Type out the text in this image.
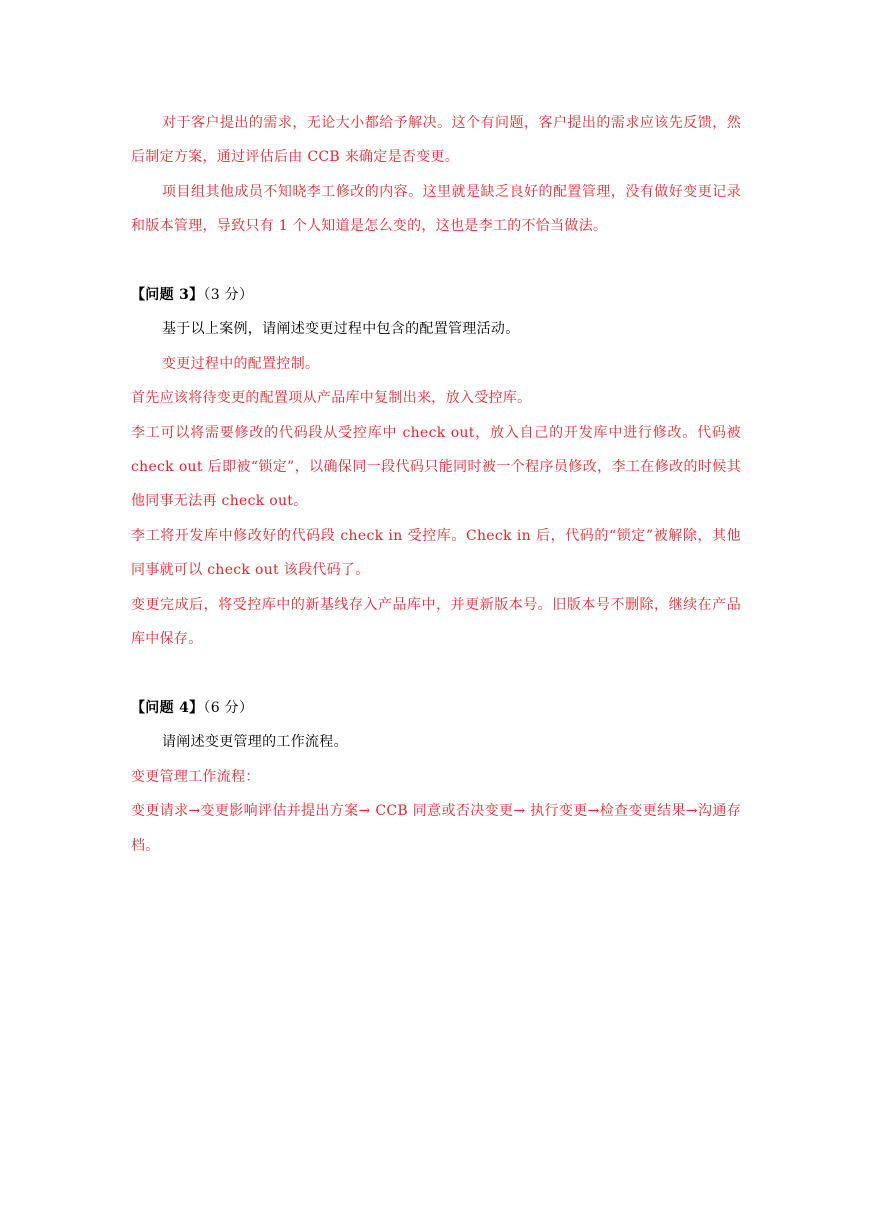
对于客户提出的需求，无论大小都给予解决。这个有问题，客户提出的需求应该先反馈，然后制定方案，通过评估后由 CCB 来确定是否变更。

项目组其他成员不知晓李工修改的内容。这里就是缺乏良好的配置管理，没有做好变更记录和版本管理，导致只有 1 个人知道是怎么变的，这也是李工的不恰当做法。

【问题 3】（3 分）

基于以上案例，请阐述变更过程中包含的配置管理活动。

变更过程中的配置控制。

首先应该将待变更的配置项从产品库中复制出来，放入受控库。

李工可以将需要修改的代码段从受控库中 check out，放入自己的开发库中进行修改。代码被 check out 后即被“锁定”，以确保同一段代码只能同时被一个程序员修改，李工在修改的时候其他同事无法再 check out。

李工将开发库中修改好的代码段 check in 受控库。Check in 后，代码的“锁定”被解除，其他同事就可以 check out 该段代码了。

变更完成后，将受控库中的新基线存入产品库中，并更新版本号。旧版本号不删除，继续在产品库中保存。

【问题 4】（6 分）

请阐述变更管理的工作流程。

变更管理工作流程：

变更请求→变更影响评估并提出方案→ CCB 同意或否决变更→ 执行变更→检查变更结果→沟通存档。
